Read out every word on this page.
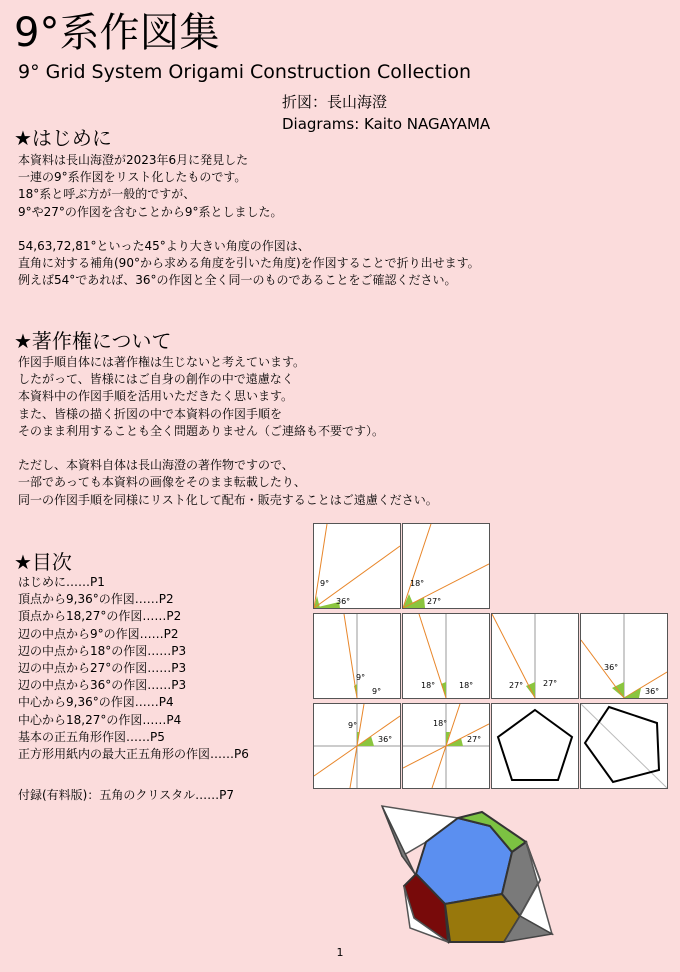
9°系作図集
9° Grid System Origami Construction Collection
折図：長山海澄
Diagrams: Kaito NAGAYAMA
★はじめに
本資料は長山海澄が2023年6月に発見した
一連の9°系作図をリスト化したものです。
18°系と呼ぶ方が一般的ですが、
9°や27°の作図を含むことから9°系としました。
54,63,72,81°といった45°より大きい角度の作図は、
直角に対する補角(90°から求める角度を引いた角度)を作図することで折り出せます。
例えば54°であれば、36°の作図と全く同一のものであることをご確認ください。
★著作権について
作図手順自体には著作権は生じないと考えています。
したがって、皆様にはご自身の創作の中で遠慮なく
本資料中の作図手順を活用いただきたく思います。
また、皆様の描く折図の中で本資料の作図手順を
そのまま利用することも全く問題ありません（ご連絡も不要です）。
ただし、本資料自体は長山海澄の著作物ですので、
一部であっても本資料の画像をそのまま転載したり、
同一の作図手順を同様にリスト化して配布・販売することはご遠慮ください。
★目次
はじめに……P1
頂点から9,36°の作図……P2
頂点から18,27°の作図……P2
辺の中点から9°の作図……P2
辺の中点から18°の作図……P3
辺の中点から27°の作図……P3
辺の中点から36°の作図……P3
中心から9,36°の作図……P4
中心から18,27°の作図……P4
基本の正五角形作図……P5
正方形用紙内の最大正五角形の作図……P6
付録(有料版)：五角のクリスタル……P7
9°
36°
18°
27°
9°
9°
18°	18°	27° 27°
36°
36°
9°
36°
18°
27°
1
